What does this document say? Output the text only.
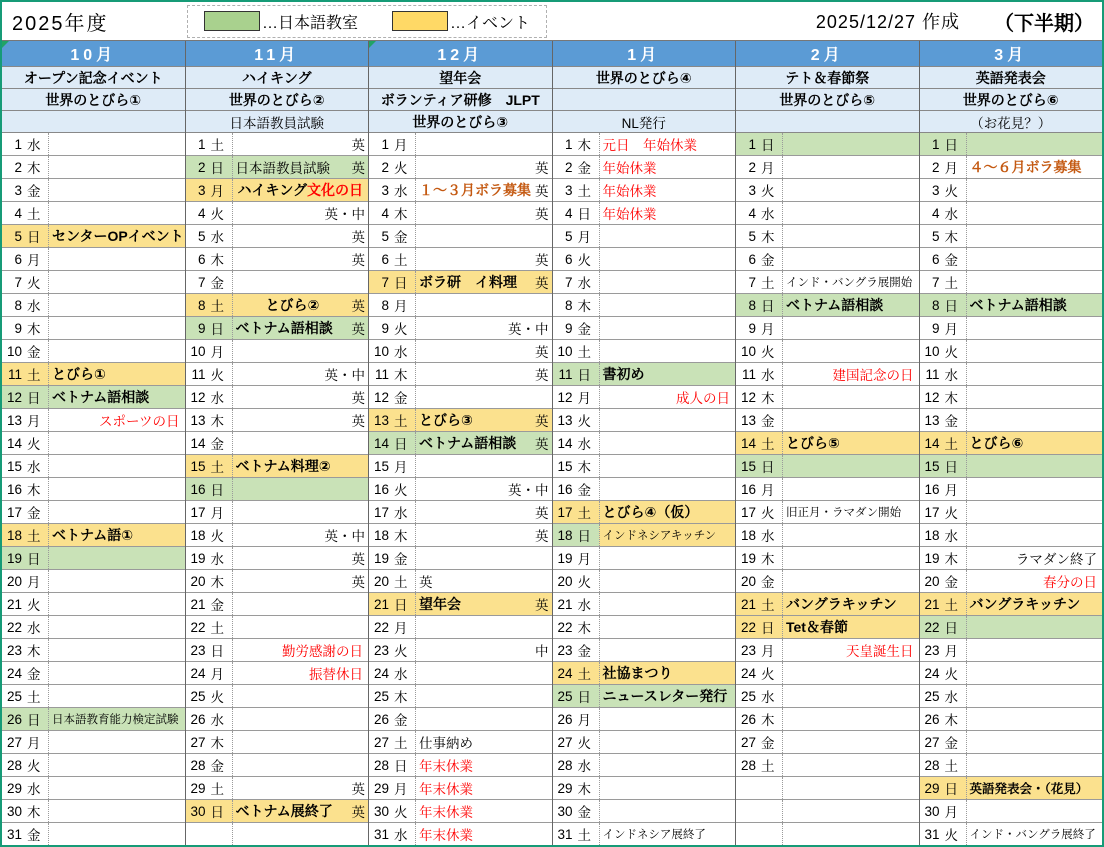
2025年度	…日本語教室	…イベント	2025/12/27 作成 （下半期）
10月
オープン記念イベント
世界のとびら①
1 水
2 木
3 金
4 土
5 日 センターOPイベント
6 月
7 火
8 水
9 木
10 金
11 土 とびら①
12 日 ベトナム語相談
13 月	スポーツの日
14 火
15 水
16 木
17 金
18 土 ベトナム語①
19 日
20 月
21 火
22 水
23 木
24 金
25 土
26 日 日本語教育能力検定試験
27 月
28 火
29 水
30 木
31 金
11月
ハイキング
世界のとびら②
日本語教員試験
1 土	英
2 日 日本語教員試験	英
3 月 ハイキング文化の日
4 火	英・中
5 水	英
6 木	英
7 金
8 土	とびら②	英
9 日 ベトナム語相談	英
10 月
11 火	英・中
12 水	英
13 木	英
14 金
15 土 ベトナム料理②
16 日
17 月
18 火	英・中
19 水	英
20 木	英
21 金
22 土
23 日	勤労感謝の日
24 月	振替休日
25 火
26 水
27 木
28 金
29 土	英
30 日 ベトナム展終了	英
12月
望年会
ボランティア研修　JLPT
世界のとびら③
1 月
2 火	英
3 水 １～３月ボラ募集 英
4 木	英
5 金
6 土	英
7 日 ボラ研　イ料理	英
8 月
9 火	英・中
10 水	英
11 木	英
12 金
13 土 とびら③	英
14 日 ベトナム語相談	英
15 月
16 火	英・中
17 水	英
18 木	英
19 金
20 土 英
21 日 望年会	英
22 月
23 火	中
24 水
25 木
26 金
27 土 仕事納め
28 日 年末休業
29 月 年末休業
30 火 年末休業
31 水 年末休業
1月
世界のとびら④
NL発行
1 木 元日　年始休業
2 金 年始休業
3 土 年始休業
4 日 年始休業
5 月
6 火
7 水
8 木
9 金
10 土
11 日 書初め
12 月	成人の日
13 火
14 水
15 木
16 金
17 土 とびら④（仮）
18 日 インドネシアキッチン
19 月
20 火
21 水
22 木
23 金
24 土 社協まつり
25 日 ニュースレター発行
26 月
27 火
28 水
29 木
30 金
31 土 インドネシア展終了
2月
テト＆春節祭
世界のとびら⑤
1 日
2 月
3 火
4 水
5 木
6 金
7 土 インド・バングラ展開始
8 日 ベトナム語相談
9 月
10 火
11 水	建国記念の日
12 木
13 金
14 土 とびら⑤
15 日
16 月
17 火 旧正月・ラマダン開始
18 水
19 木
20 金
21 土 バングラキッチン
22 日 Tet＆春節
23 月	天皇誕生日
24 火
25 水
26 木
27 金
28 土
3月
英語発表会
世界のとびら⑥
（お花見？）
1 日
2 月 ４～６月ボラ募集
3 火
4 水
5 木
6 金
7 土
8 日 ベトナム語相談
9 月
10 火
11 水
12 木
13 金
14 土 とびら⑥
15 日
16 月
17 火
18 水
19 木	ラマダン終了
20 金	春分の日
21 土 バングラキッチン
22 日
23 月
24 火
25 水
26 木
27 金
28 土
29 日 英語発表会・（花見）
30 月
31 火 インド・バングラ展終了
